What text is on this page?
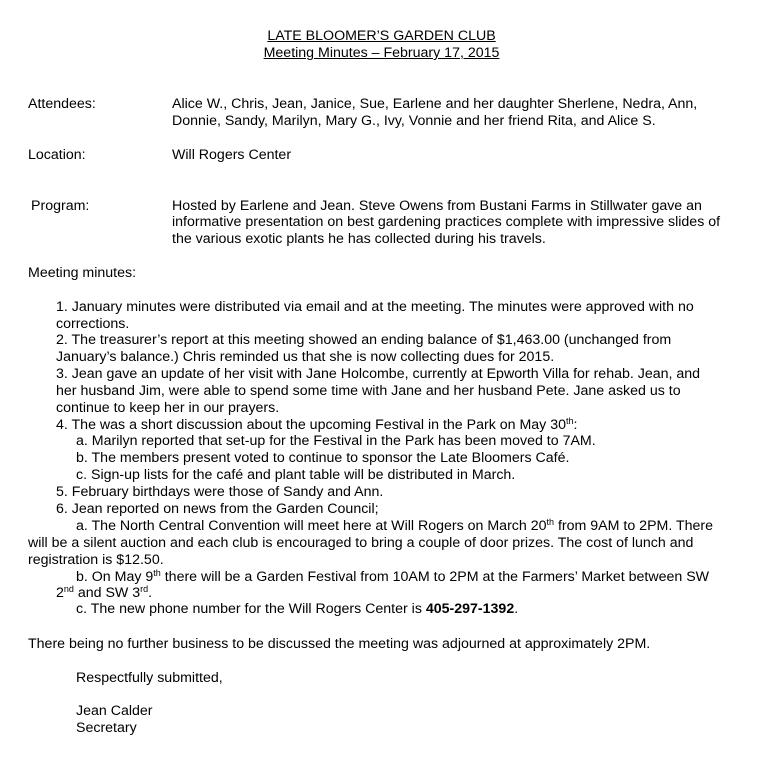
LATE BLOOMER’S GARDEN CLUB
Meeting Minutes – February 17, 2015
Attendees:	Alice W., Chris, Jean, Janice, Sue, Earlene and her daughter Sherlene, Nedra, Ann,
Donnie, Sandy, Marilyn, Mary G., Ivy, Vonnie and her friend Rita, and Alice S.
Location:	Will Rogers Center
Program:	Hosted by Earlene and Jean. Steve Owens from Bustani Farms in Stillwater gave an
informative presentation on best gardening practices complete with impressive slides of
the various exotic plants he has collected during his travels.
Meeting minutes:
1. January minutes were distributed via email and at the meeting. The minutes were approved with no
corrections.
2. The treasurer’s report at this meeting showed an ending balance of $1,463.00 (unchanged from
January’s balance.) Chris reminded us that she is now collecting dues for 2015.
3. Jean gave an update of her visit with Jane Holcombe, currently at Epworth Villa for rehab. Jean, and
her husband Jim, were able to spend some time with Jane and her husband Pete. Jane asked us to
continue to keep her in our prayers.
4. The was a short discussion about the upcoming Festival in the Park on May 30th:
a. Marilyn reported that set-up for the Festival in the Park has been moved to 7AM.
b. The members present voted to continue to sponsor the Late Bloomers Café.
c. Sign-up lists for the café and plant table will be distributed in March.
5. February birthdays were those of Sandy and Ann.
6. Jean reported on news from the Garden Council;
a. The North Central Convention will meet here at Will Rogers on March 20th from 9AM to 2PM. There
will be a silent auction and each club is encouraged to bring a couple of door prizes. The cost of lunch and
registration is $12.50.
b. On May 9th there will be a Garden Festival from 10AM to 2PM at the Farmers’ Market between SW
2nd and SW 3rd.
c. The new phone number for the Will Rogers Center is 405-297-1392.
There being no further business to be discussed the meeting was adjourned at approximately 2PM.
Respectfully submitted,
Jean Calder
Secretary
